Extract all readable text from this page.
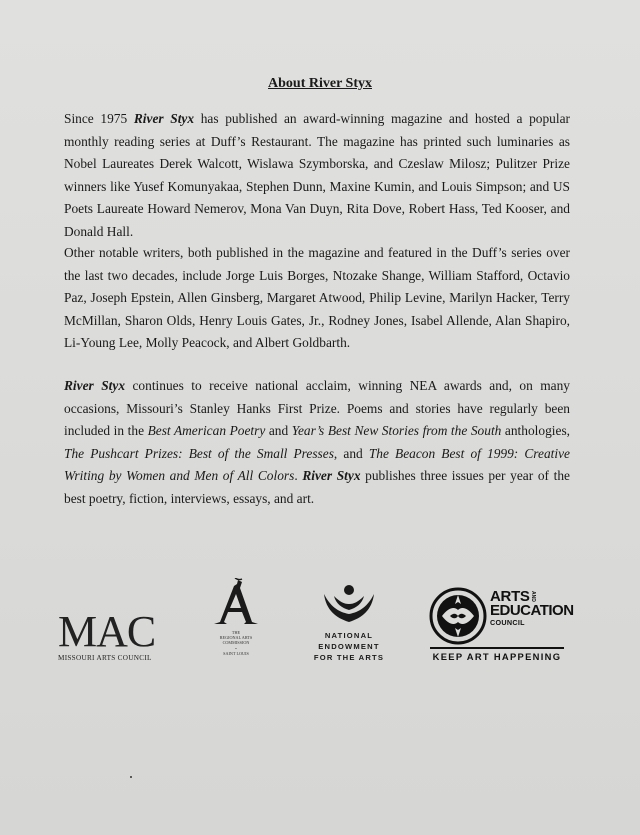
About River Styx
Since 1975 River Styx has published an award-winning magazine and hosted a popular monthly reading series at Duff’s Restaurant. The magazine has printed such luminaries as Nobel Laureates Derek Walcott, Wislawa Szymborska, and Czeslaw Milosz; Pulitzer Prize winners like Yusef Komunyakaa, Stephen Dunn, Maxine Kumin, and Louis Simpson; and US Poets Laureate Howard Nemerov, Mona Van Duyn, Rita Dove, Robert Hass, Ted Kooser, and Donald Hall.
Other notable writers, both published in the magazine and featured in the Duff’s series over the last two decades, include Jorge Luis Borges, Ntozake Shange, William Stafford, Octavio Paz, Joseph Epstein, Allen Ginsberg, Margaret Atwood, Philip Levine, Marilyn Hacker, Terry McMillan, Sharon Olds, Henry Louis Gates, Jr., Rodney Jones, Isabel Allende, Alan Shapiro, Li-Young Lee, Molly Peacock, and Albert Goldbarth.
River Styx continues to receive national acclaim, winning NEA awards and, on many occasions, Missouri’s Stanley Hanks First Prize. Poems and stories have regularly been included in the Best American Poetry and Year’s Best New Stories from the South anthologies, The Pushcart Prizes: Best of the Small Presses, and The Beacon Best of 1999: Creative Writing by Women and Men of All Colors. River Styx publishes three issues per year of the best poetry, fiction, interviews, essays, and art.
MAC
MISSOURI ARTS COUNCIL
THE
REGIONAL ARTS
COMMISSION
•
SAINT LOUIS
NATIONAL
ENDOWMENT
FOR THE ARTS
ARTS AND
EDUCATION
COUNCIL
KEEP ART HAPPENING
